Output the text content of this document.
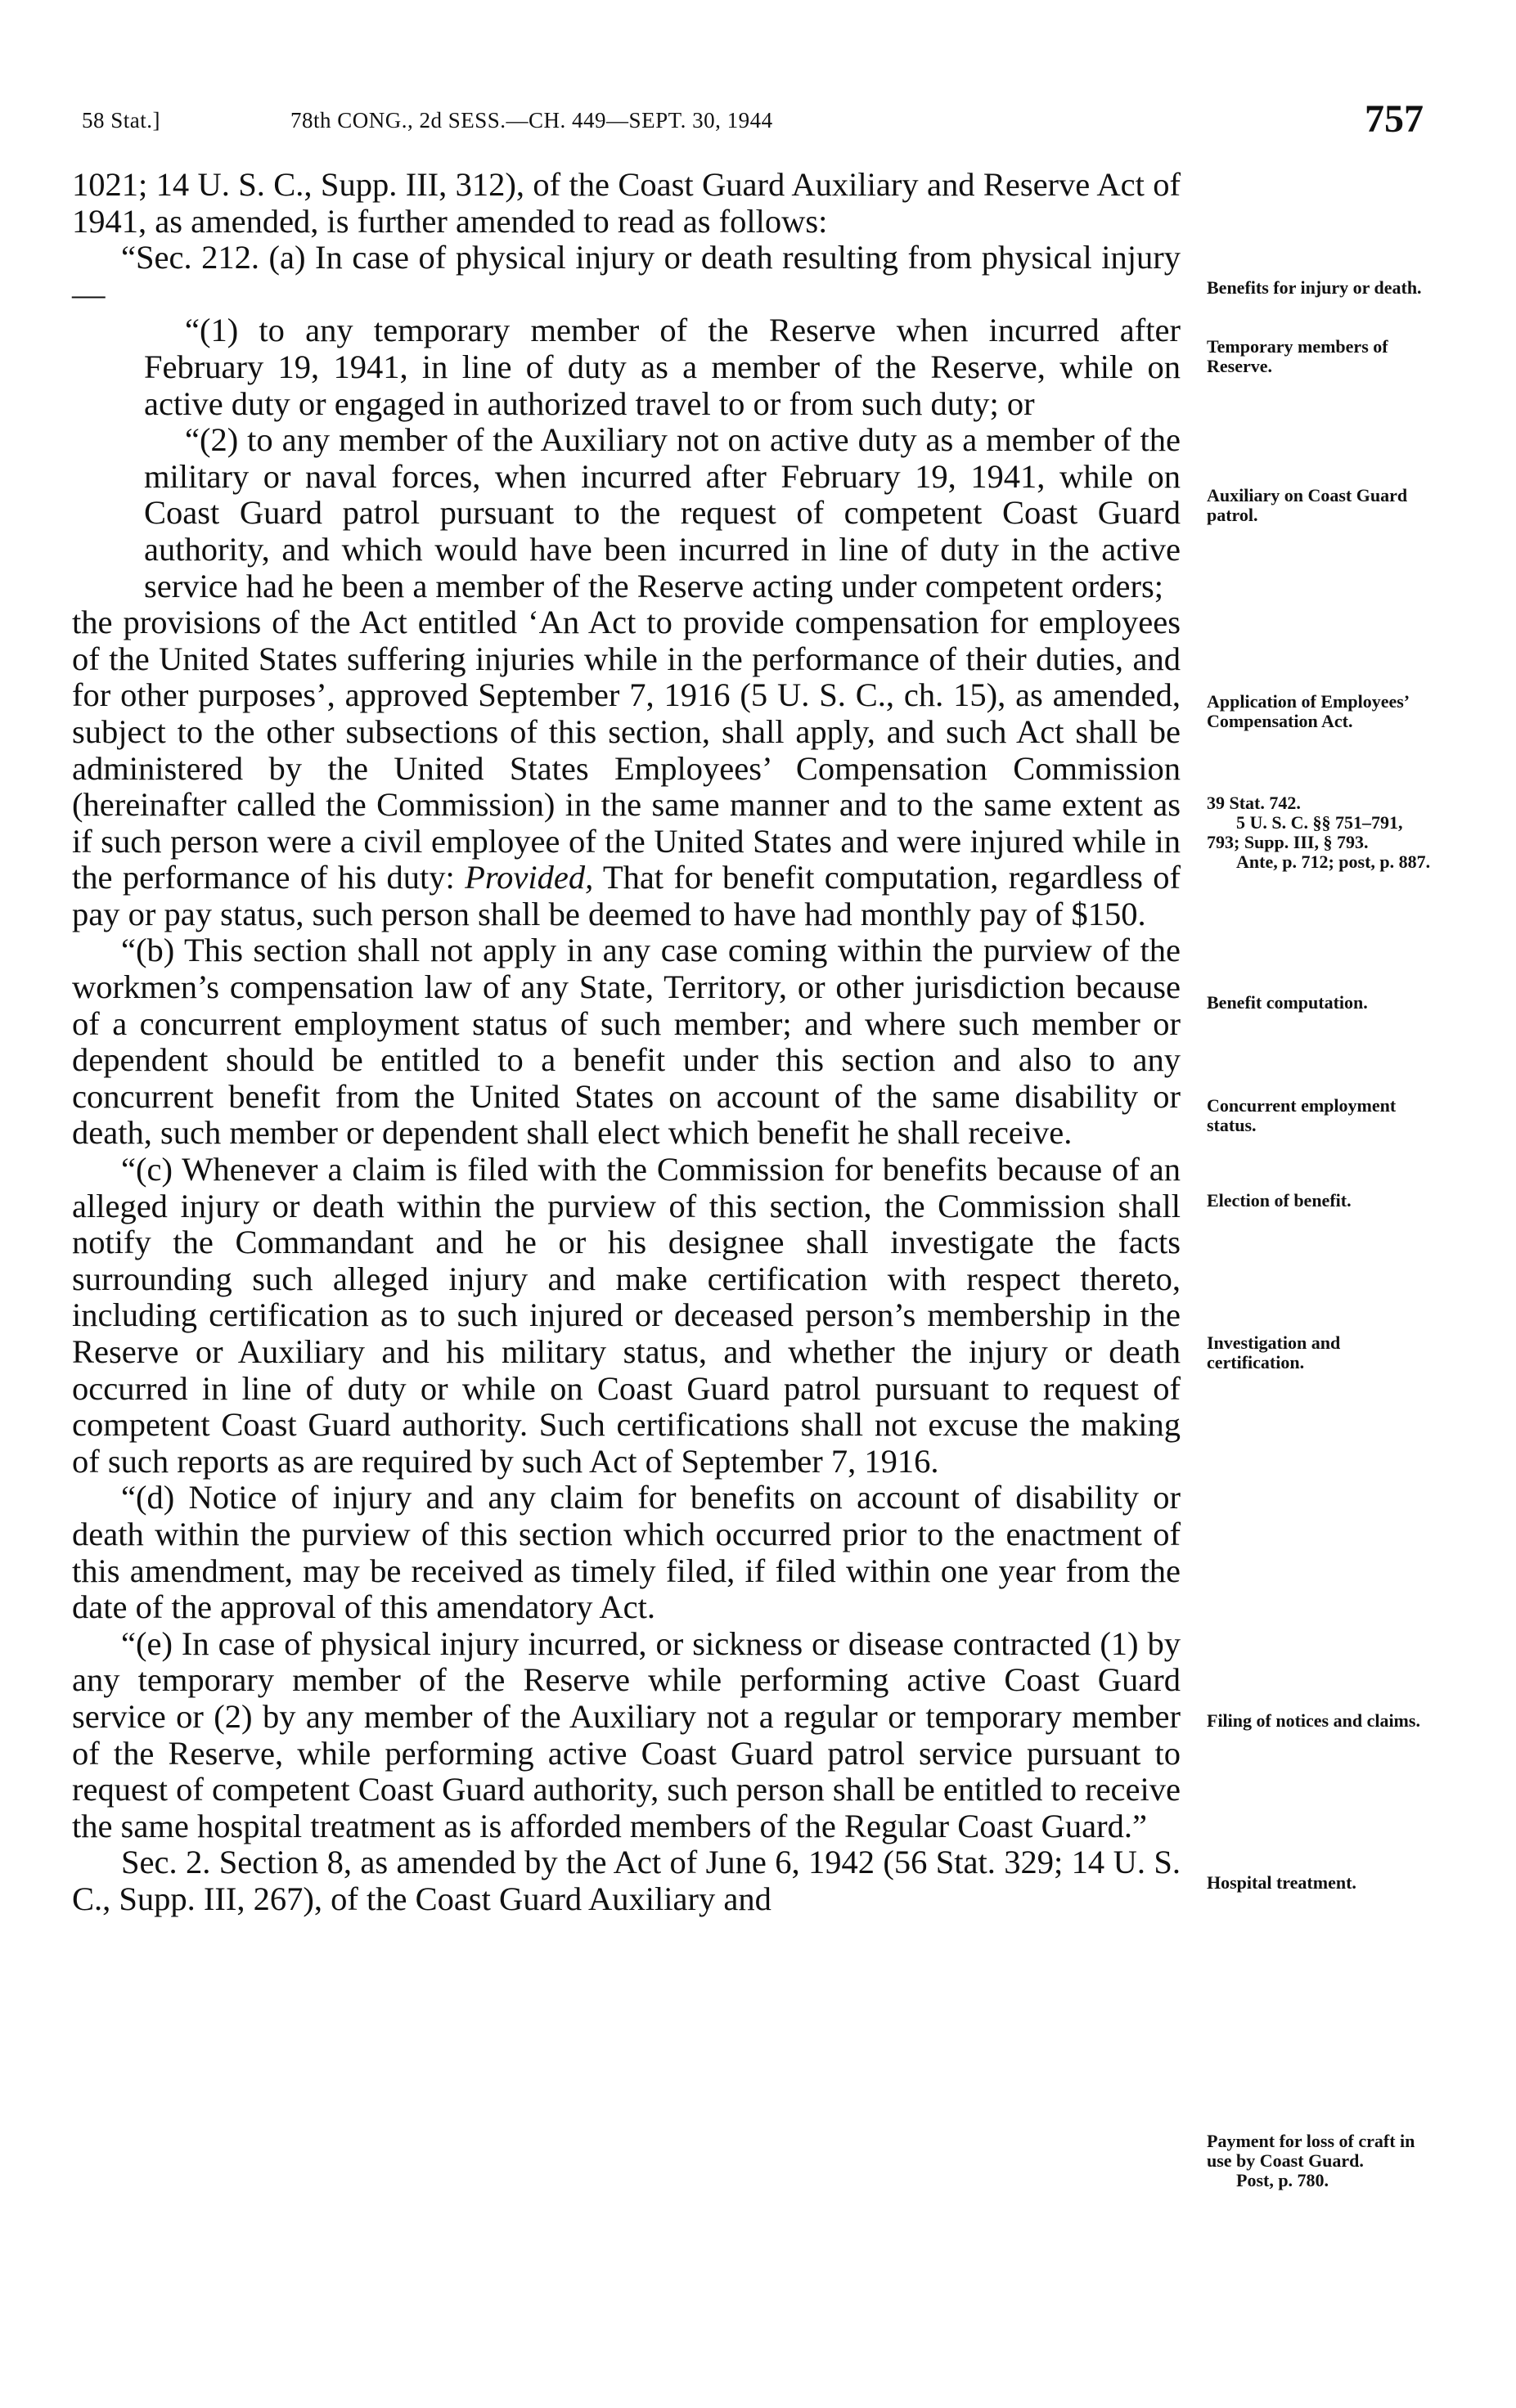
58 Stat.]	78th CONG., 2d SESS.—CH. 449—SEPT. 30, 1944	757

1021; 14 U. S. C., Supp. III, 312), of the Coast Guard Auxiliary and Reserve Act of 1941, as amended, is further amended to read as follows:

“Sec. 212. (a) In case of physical injury or death resulting from physical injury—

“(1) to any temporary member of the Reserve when incurred after February 19, 1941, in line of duty as a member of the Reserve, while on active duty or engaged in authorized travel to or from such duty; or

“(2) to any member of the Auxiliary not on active duty as a member of the military or naval forces, when incurred after February 19, 1941, while on Coast Guard patrol pursuant to the request of competent Coast Guard authority, and which would have been incurred in line of duty in the active service had he been a member of the Reserve acting under competent orders;

the provisions of the Act entitled ‘An Act to provide compensation for employees of the United States suffering injuries while in the performance of their duties, and for other purposes’, approved September 7, 1916 (5 U. S. C., ch. 15), as amended, subject to the other subsections of this section, shall apply, and such Act shall be administered by the United States Employees’ Compensation Commission (hereinafter called the Commission) in the same manner and to the same extent as if such person were a civil employee of the United States and were injured while in the performance of his duty: Provided, That for benefit computation, regardless of pay or pay status, such person shall be deemed to have had monthly pay of $150.

“(b) This section shall not apply in any case coming within the purview of the workmen’s compensation law of any State, Territory, or other jurisdiction because of a concurrent employment status of such member; and where such member or dependent should be entitled to a benefit under this section and also to any concurrent benefit from the United States on account of the same disability or death, such member or dependent shall elect which benefit he shall receive.

“(c) Whenever a claim is filed with the Commission for benefits because of an alleged injury or death within the purview of this section, the Commission shall notify the Commandant and he or his designee shall investigate the facts surrounding such alleged injury and make certification with respect thereto, including certification as to such injured or deceased person’s membership in the Reserve or Auxiliary and his military status, and whether the injury or death occurred in line of duty or while on Coast Guard patrol pursuant to request of competent Coast Guard authority. Such certifications shall not excuse the making of such reports as are required by such Act of September 7, 1916.

“(d) Notice of injury and any claim for benefits on account of disability or death within the purview of this section which occurred prior to the enactment of this amendment, may be received as timely filed, if filed within one year from the date of the approval of this amendatory Act.

“(e) In case of physical injury incurred, or sickness or disease contracted (1) by any temporary member of the Reserve while performing active Coast Guard service or (2) by any member of the Auxiliary not a regular or temporary member of the Reserve, while performing active Coast Guard patrol service pursuant to request of competent Coast Guard authority, such person shall be entitled to receive the same hospital treatment as is afforded members of the Regular Coast Guard.”

Sec. 2. Section 8, as amended by the Act of June 6, 1942 (56 Stat. 329; 14 U. S. C., Supp. III, 267), of the Coast Guard Auxiliary and

Benefits for injury or death.
Temporary members of Reserve.
Auxiliary on Coast Guard patrol.
Application of Employees’ Compensation Act.
39 Stat. 742.
5 U. S. C. §§ 751–791, 793; Supp. III, § 793.
Ante, p. 712; post, p. 887.
Benefit computation.
Concurrent employment status.
Election of benefit.
Investigation and certification.
Filing of notices and claims.
Hospital treatment.
Payment for loss of craft in use by Coast Guard.
Post, p. 780.
